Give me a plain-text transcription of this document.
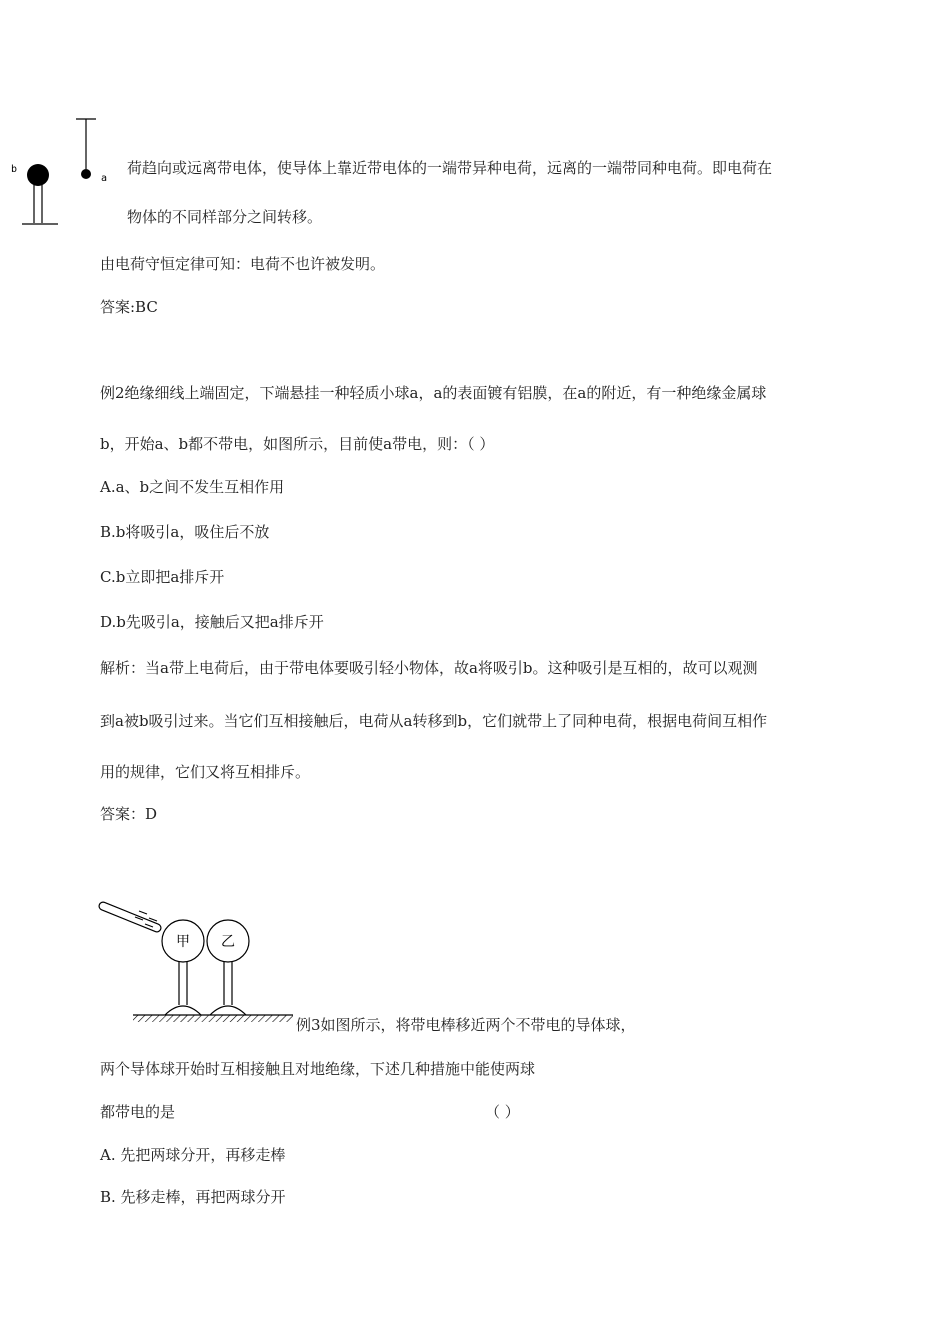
b
a
荷趋向或远离带电体，使导体上靠近带电体的一端带异种电荷，远离的一端带同种电荷。即电荷在
物体的不同样部分之间转移。
由电荷守恒定律可知：电荷不也许被发明。
答案:BC
例2绝缘细线上端固定，下端悬挂一种轻质小球a，a的表面镀有铝膜，在a的附近，有一种绝缘金属球
b，开始a、b都不带电，如图所示，目前使a带电，则：（ ）
A.a、b之间不发生互相作用
B.b将吸引a，吸住后不放
C.b立即把a排斥开
D.b先吸引a，接触后又把a排斥开
解析：当a带上电荷后，由于带电体要吸引轻小物体，故a将吸引b。这种吸引是互相的，故可以观测
到a被b吸引过来。当它们互相接触后，电荷从a转移到b，它们就带上了同种电荷，根据电荷间互相作
用的规律，它们又将互相排斥。
答案：D
甲 乙
例3如图所示，将带电棒移近两个不带电的导体球，
两个导体球开始时互相接触且对地绝缘，下述几种措施中能使两球
都带电的是	（ ）
A. 先把两球分开，再移走棒
B. 先移走棒，再把两球分开
